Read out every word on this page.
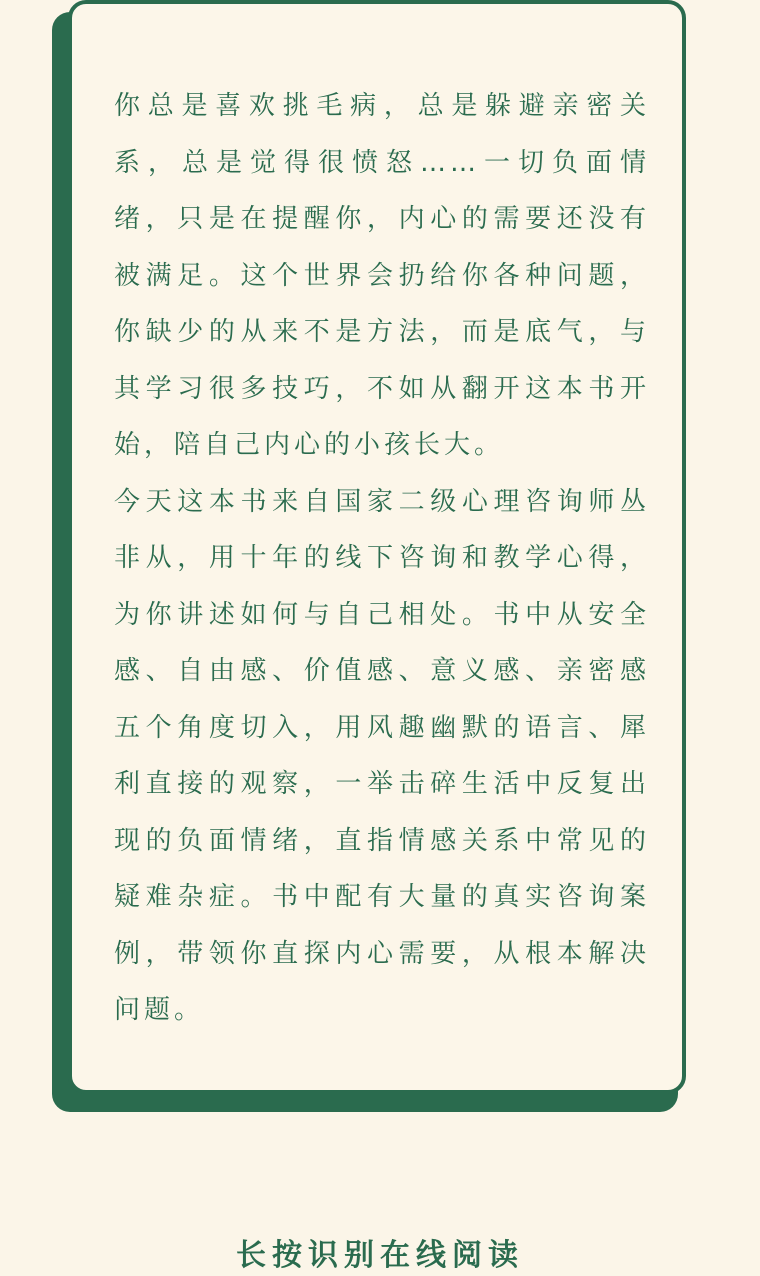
你总是喜欢挑毛病，总是躲避亲密关系，总是觉得很愤怒……一切负面情绪，只是在提醒你，内心的需要还没有被满足。这个世界会扔给你各种问题，你缺少的从来不是方法，而是底气，与其学习很多技巧，不如从翻开这本书开始，陪自己内心的小孩长大。

今天这本书来自国家二级心理咨询师丛非从，用十年的线下咨询和教学心得，为你讲述如何与自己相处。书中从安全感、自由感、价值感、意义感、亲密感五个角度切入，用风趣幽默的语言、犀利直接的观察，一举击碎生活中反复出现的负面情绪，直指情感关系中常见的疑难杂症。书中配有大量的真实咨询案例，带领你直探内心需要，从根本解决问题。

长按识别在线阅读
